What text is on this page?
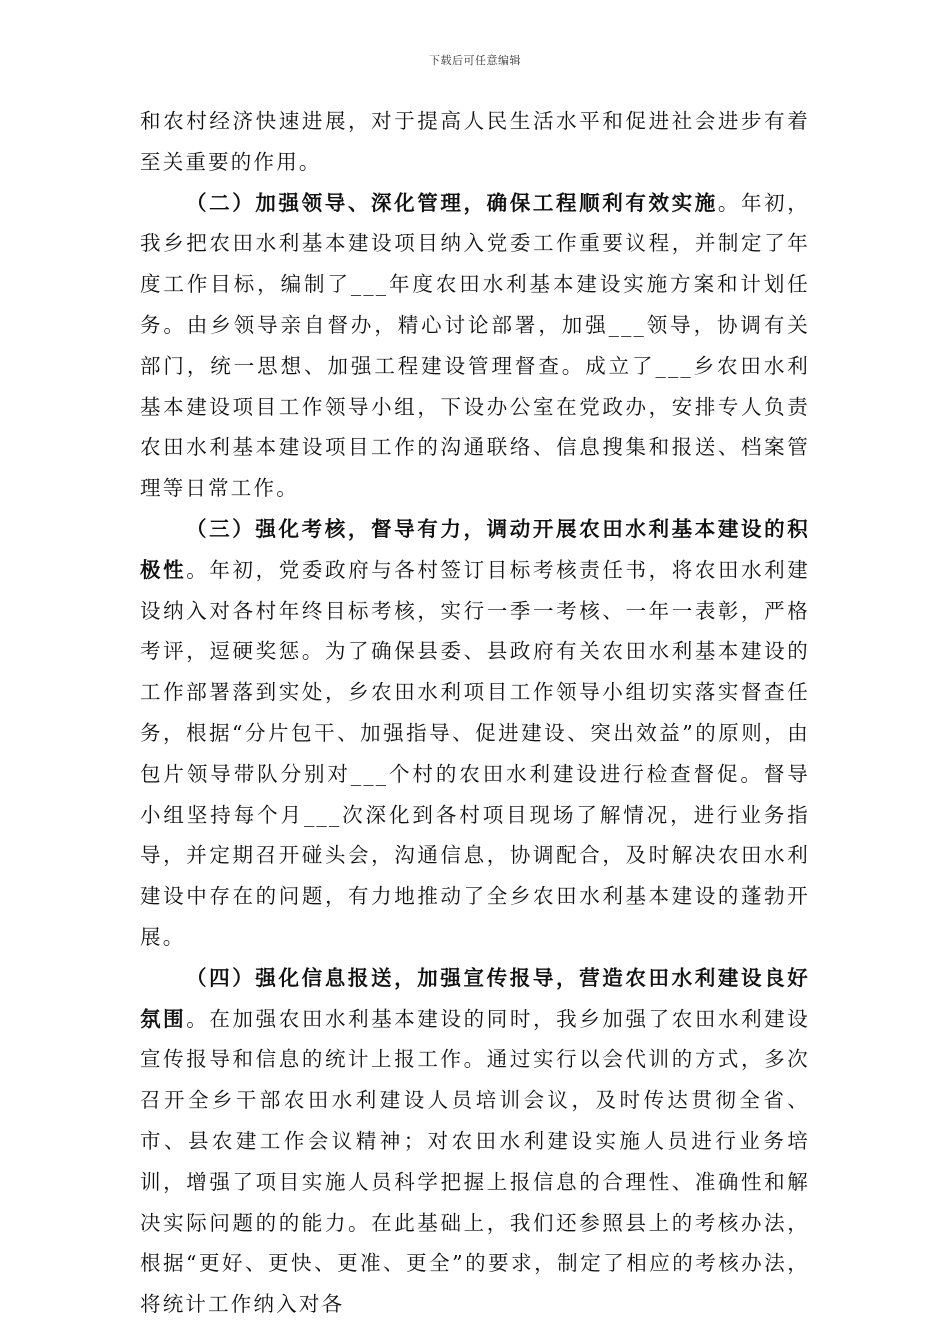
下载后可任意编辑

和农村经济快速进展，对于提高人民生活水平和促进社会进步有着至关重要的作用。

（二）加强领导、深化管理，确保工程顺利有效实施。年初，我乡把农田水利基本建设项目纳入党委工作重要议程，并制定了年度工作目标，编制了___年度农田水利基本建设实施方案和计划任务。由乡领导亲自督办，精心讨论部署，加强___领导，协调有关部门，统一思想、加强工程建设管理督查。成立了___乡农田水利基本建设项目工作领导小组，下设办公室在党政办，安排专人负责农田水利基本建设项目工作的沟通联络、信息搜集和报送、档案管理等日常工作。

（三）强化考核，督导有力，调动开展农田水利基本建设的积极性。年初，党委政府与各村签订目标考核责任书，将农田水利建设纳入对各村年终目标考核，实行一季一考核、一年一表彰，严格考评，逗硬奖惩。为了确保县委、县政府有关农田水利基本建设的工作部署落到实处，乡农田水利项目工作领导小组切实落实督查任务，根据“分片包干、加强指导、促进建设、突出效益”的原则，由包片领导带队分别对___个村的农田水利建设进行检查督促。督导小组坚持每个月___次深化到各村项目现场了解情况，进行业务指导，并定期召开碰头会，沟通信息，协调配合，及时解决农田水利建设中存在的问题，有力地推动了全乡农田水利基本建设的蓬勃开展。

（四）强化信息报送，加强宣传报导，营造农田水利建设良好氛围。在加强农田水利基本建设的同时，我乡加强了农田水利建设宣传报导和信息的统计上报工作。通过实行以会代训的方式，多次召开全乡干部农田水利建设人员培训会议，及时传达贯彻全省、市、县农建工作会议精神；对农田水利建设实施人员进行业务培训，增强了项目实施人员科学把握上报信息的合理性、准确性和解决实际问题的的能力。在此基础上，我们还参照县上的考核办法，根据“更好、更快、更准、更全”的要求，制定了相应的考核办法，将统计工作纳入对各
